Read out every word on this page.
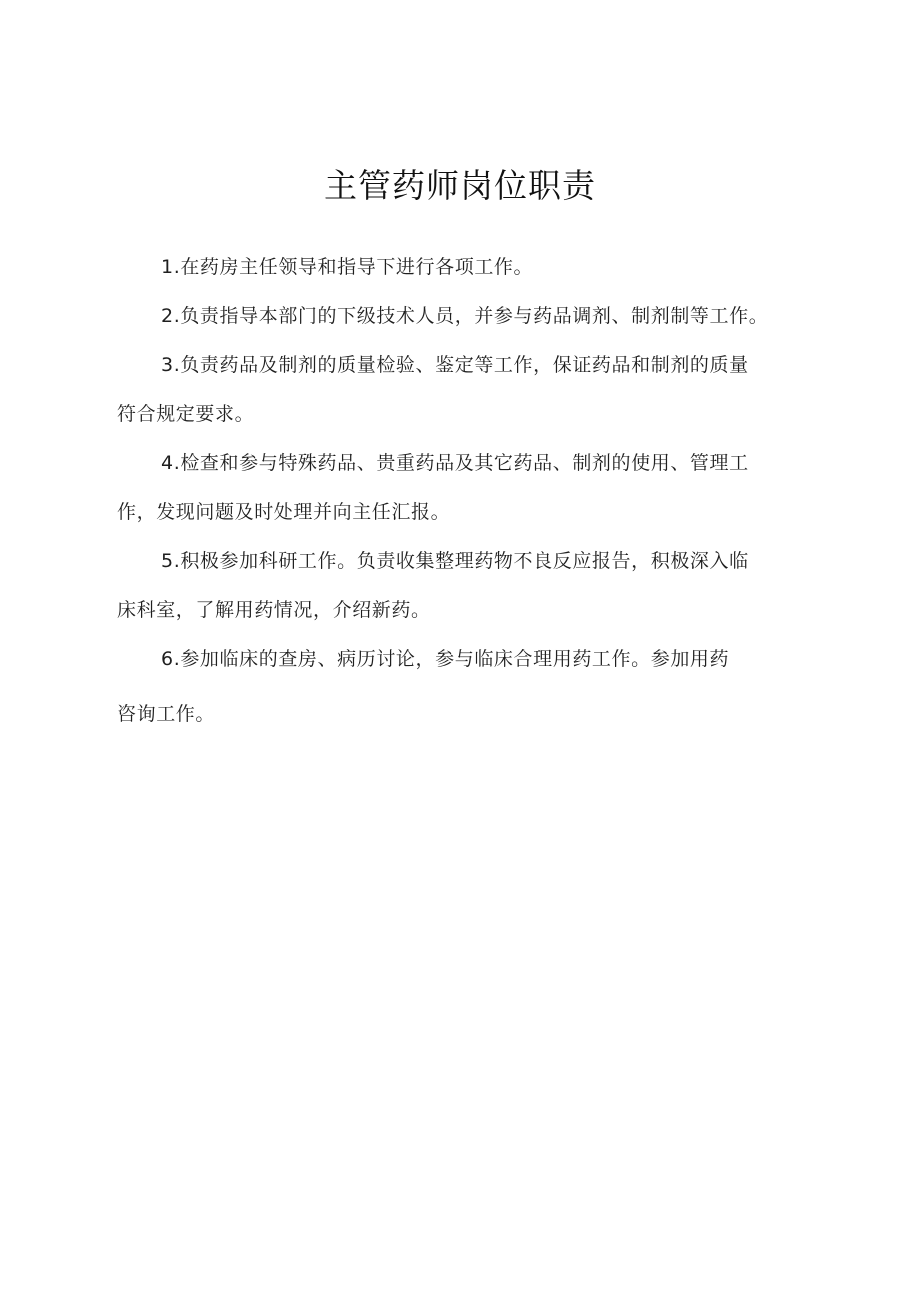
主管药师岗位职责

1.在药房主任领导和指导下进行各项工作。

2.负责指导本部门的下级技术人员，并参与药品调剂、制剂制等工作。

3.负责药品及制剂的质量检验、鉴定等工作，保证药品和制剂的质量

符合规定要求。

4.检查和参与特殊药品、贵重药品及其它药品、制剂的使用、管理工

作，发现问题及时处理并向主任汇报。

5.积极参加科研工作。负责收集整理药物不良反应报告，积极深入临

床科室，了解用药情况，介绍新药。

6.参加临床的查房、病历讨论，参与临床合理用药工作。参加用药

咨询工作。
